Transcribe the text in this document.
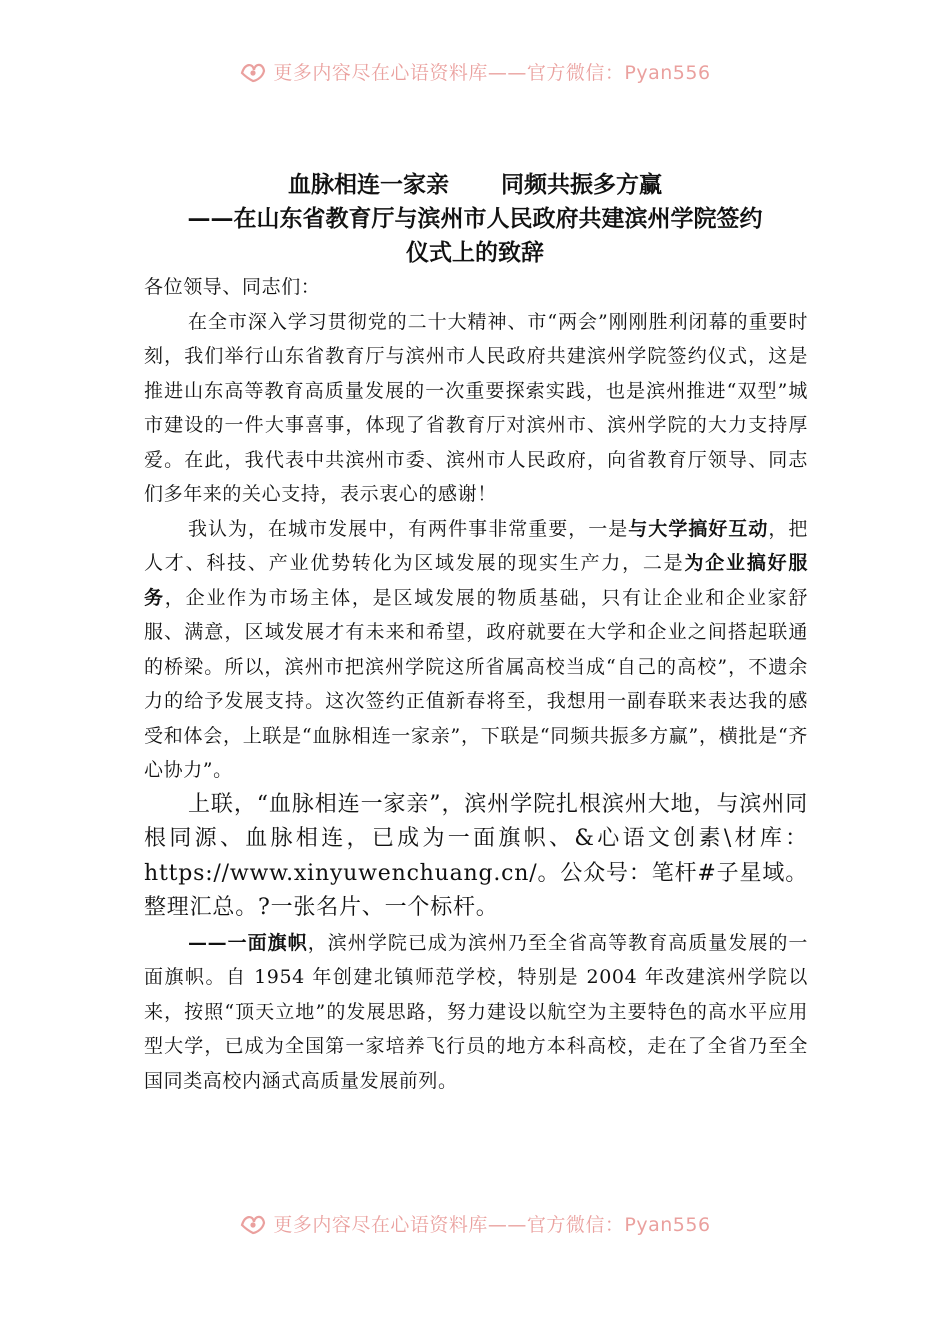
更多内容尽在心语资料库——官方微信：Pyan556
血脉相连一家亲 同频共振多方赢
——在山东省教育厅与滨州市人民政府共建滨州学院签约
仪式上的致辞

各位领导、同志们：

在全市深入学习贯彻党的二十大精神、市“两会”刚刚胜利闭幕的重要时刻，我们举行山东省教育厅与滨州市人民政府共建滨州学院签约仪式，这是推进山东高等教育高质量发展的一次重要探索实践，也是滨州推进“双型”城市建设的一件大事喜事，体现了省教育厅对滨州市、滨州学院的大力支持厚爱。在此，我代表中共滨州市委、滨州市人民政府，向省教育厅领导、同志们多年来的关心支持，表示衷心的感谢！

我认为，在城市发展中，有两件事非常重要，一是与大学搞好互动，把人才、科技、产业优势转化为区域发展的现实生产力，二是为企业搞好服务，企业作为市场主体，是区域发展的物质基础，只有让企业和企业家舒服、满意，区域发展才有未来和希望，政府就要在大学和企业之间搭起联通的桥梁。所以，滨州市把滨州学院这所省属高校当成“自己的高校”，不遗余力的给予发展支持。这次签约正值新春将至，我想用一副春联来表达我的感受和体会，上联是“血脉相连一家亲”，下联是“同频共振多方赢”，横批是“齐心协力”。

上联，“血脉相连一家亲”，滨州学院扎根滨州大地，与滨州同根同源、血脉相连，已成为一面旗帜、&心语文创素\材库：https://www.xinyuwenchuang.cn/。公众号：笔杆#子星域。整理汇总。?一张名片、一个标杆。

——一面旗帜，滨州学院已成为滨州乃至全省高等教育高质量发展的一面旗帜。自 1954 年创建北镇师范学校，特别是 2004 年改建滨州学院以来，按照“顶天立地”的发展思路，努力建设以航空为主要特色的高水平应用型大学，已成为全国第一家培养飞行员的地方本科高校，走在了全省乃至全国同类高校内涵式高质量发展前列。

更多内容尽在心语资料库——官方微信：Pyan556
